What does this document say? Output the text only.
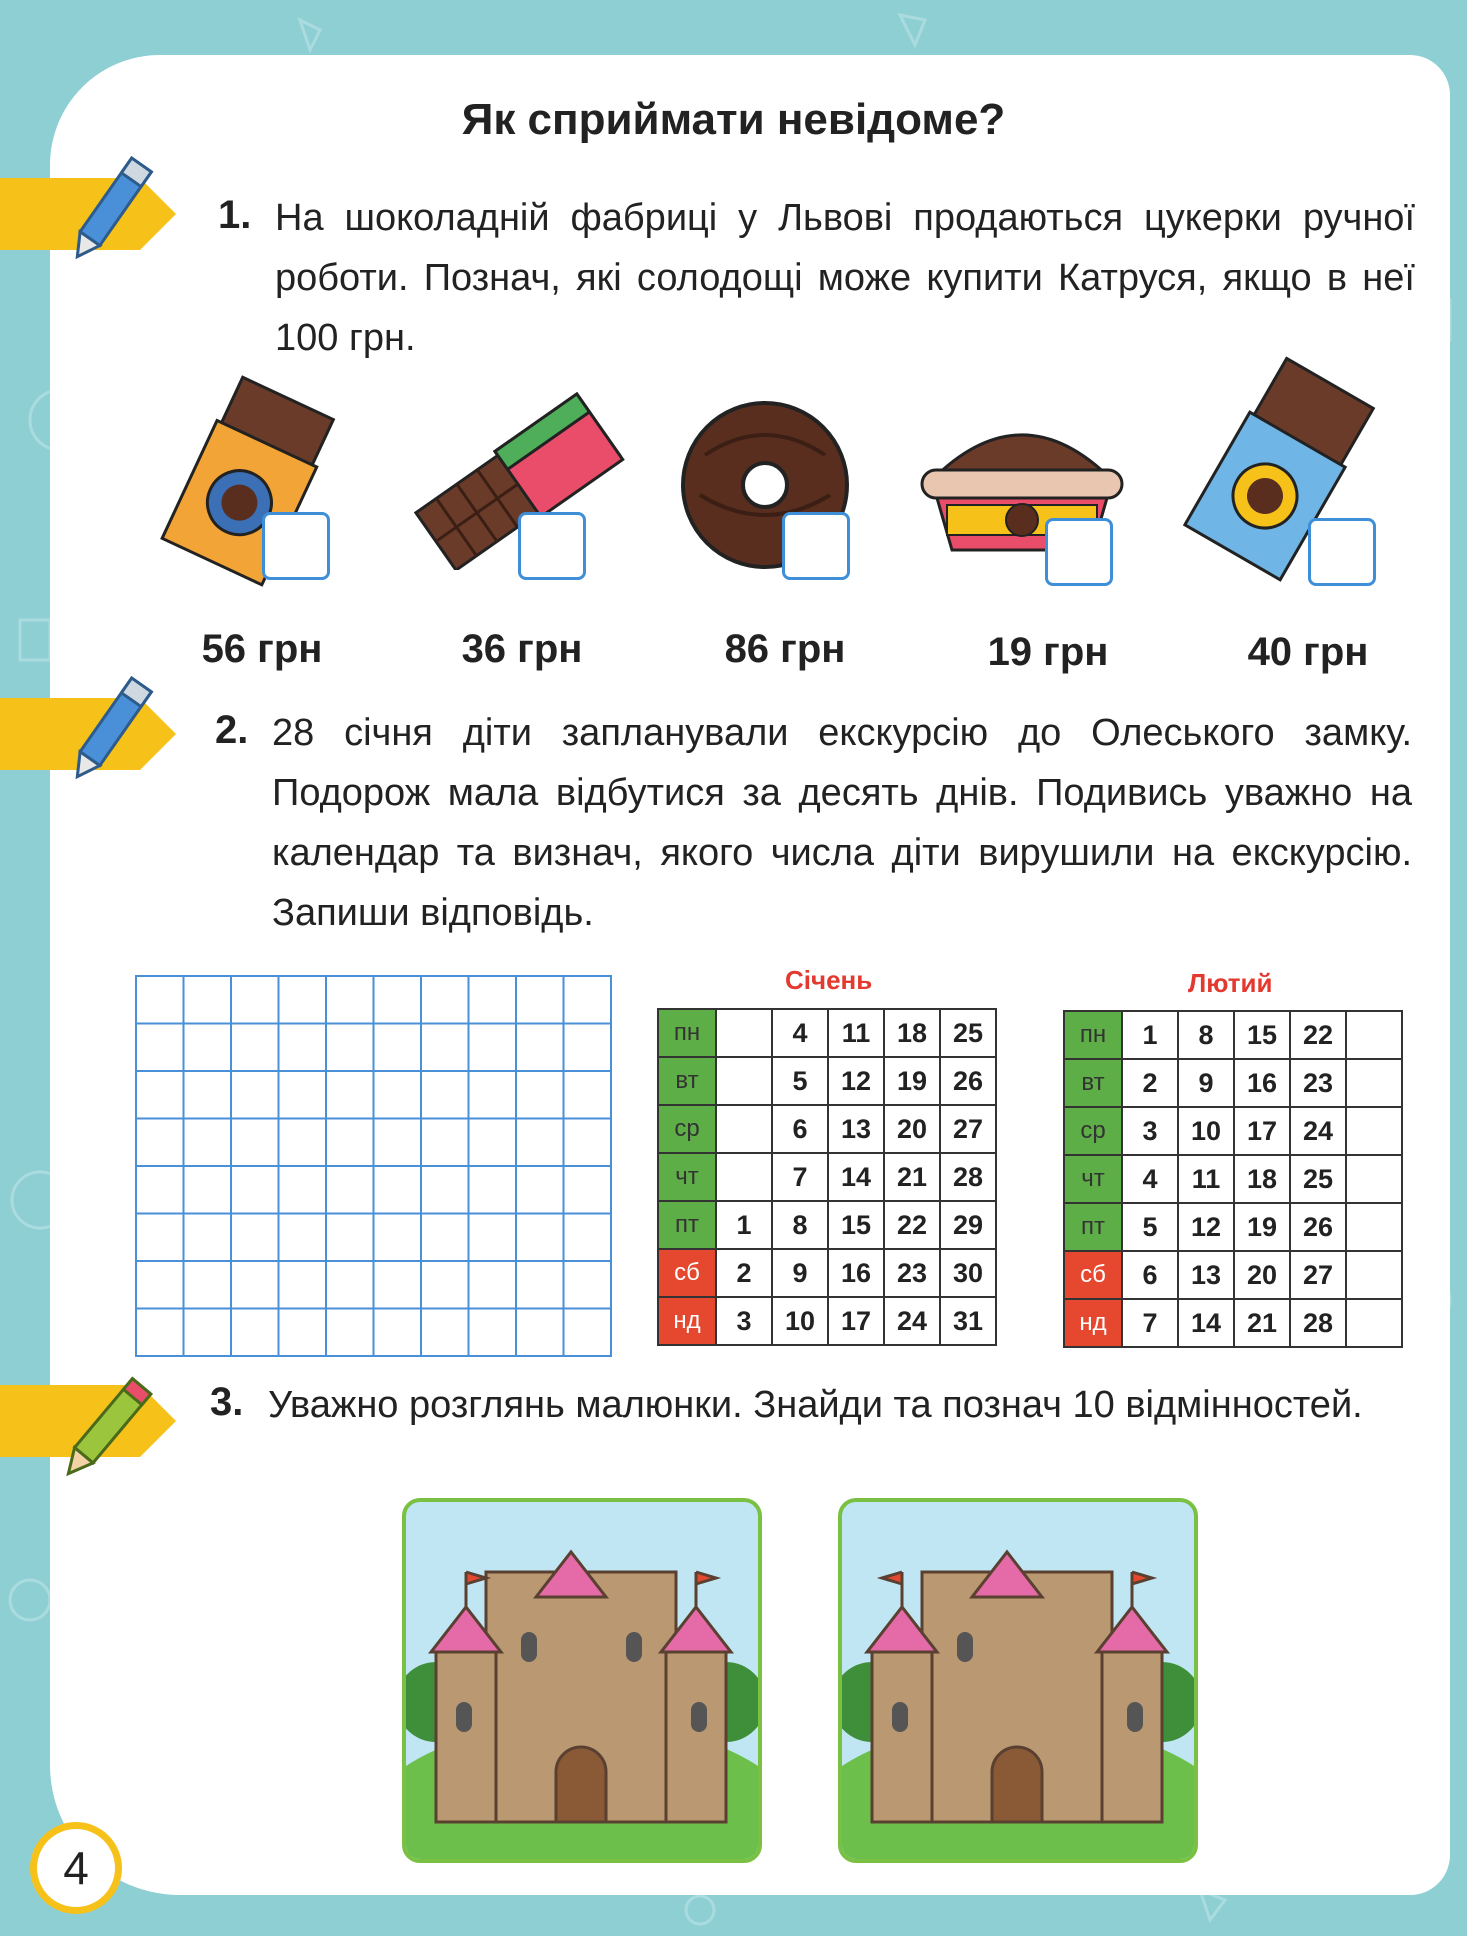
Як сприймати невідоме?
1. На шоколадній фабриці у Львові продаються цукерки ручної роботи. Познач, які солодощі може купити Катруся, якщо в неї 100 грн.
56 грн	36 грн	86 грн	19 грн	40 грн
2. 28 січня діти запланували екскурсію до Олеського замку. Подорож мала відбутися за десять днів. Подивись уважно на календар та визнач, якого числа діти вирушили на екскурсію. Запиши відповідь.
Січень
пн		4	11	18	25
вт		5	12	19	26
ср		6	13	20	27
чт		7	14	21	28
пт	1	8	15	22	29
сб	2	9	16	23	30
нд	3	10	17	24	31
Лютий
пн	1	8	15	22	
вт	2	9	16	23	
ср	3	10	17	24	
чт	4	11	18	25	
пт	5	12	19	26	
сб	6	13	20	27	
нд	7	14	21	28	
3. Уважно розглянь малюнки. Знайди та познач 10 відмінностей.
4
